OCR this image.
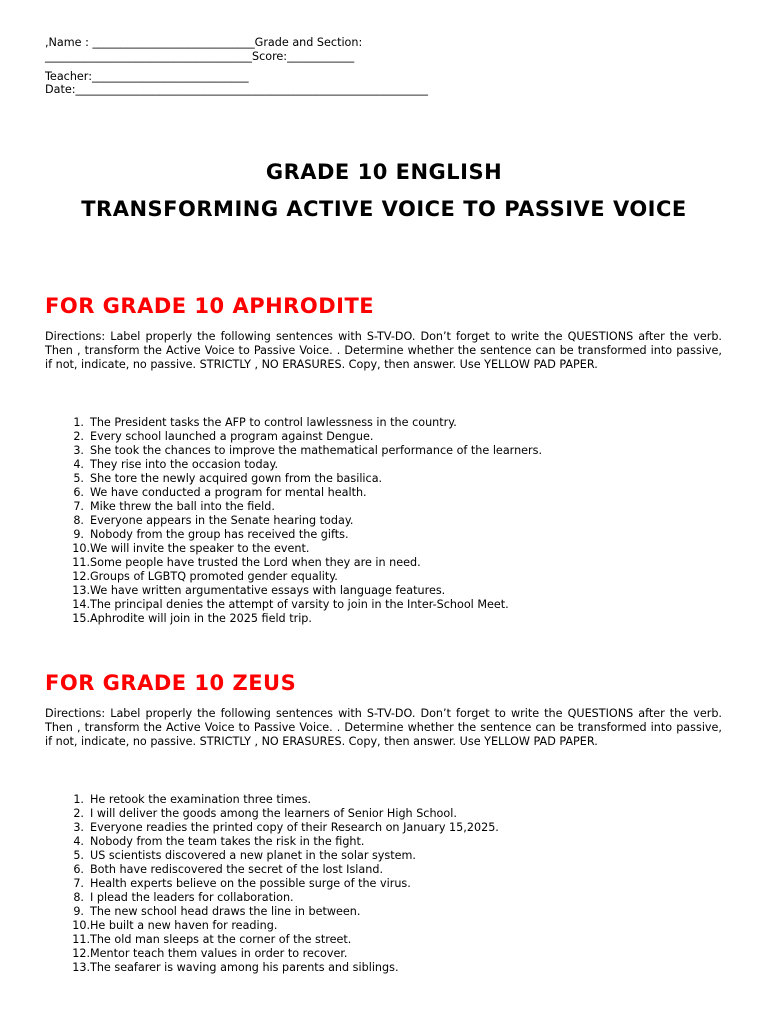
,Name : _____________________________Grade and Section:
_____________________________________Score:____________
Teacher:____________________________
Date:_______________________________________________________________
GRADE 10 ENGLISH
TRANSFORMING ACTIVE VOICE TO PASSIVE VOICE
FOR GRADE 10 APHRODITE
Directions: Label properly the following sentences with S-TV-DO. Don’t forget to write the QUESTIONS after the verb. Then , transform the Active Voice to Passive Voice. . Determine whether the sentence can be transformed into passive, if not, indicate, no passive. STRICTLY , NO ERASURES. Copy, then answer. Use YELLOW PAD PAPER.
1. The President tasks the AFP to control lawlessness in the country.
2. Every school launched a program against Dengue.
3. She took the chances to improve the mathematical performance of the learners.
4. They rise into the occasion today.
5. She tore the newly acquired gown from the basilica.
6. We have conducted a program for mental health.
7. Mike threw the ball into the field.
8. Everyone appears in the Senate hearing today.
9. Nobody from the group has received the gifts.
10. We will invite the speaker to the event.
11. Some people have trusted the Lord when they are in need.
12. Groups of LGBTQ promoted gender equality.
13. We have written argumentative essays with language features.
14. The principal denies the attempt of varsity to join in the Inter-School Meet.
15. Aphrodite will join in the 2025 field trip.
FOR GRADE 10 ZEUS
Directions: Label properly the following sentences with S-TV-DO. Don’t forget to write the QUESTIONS after the verb. Then , transform the Active Voice to Passive Voice. . Determine whether the sentence can be transformed into passive, if not, indicate, no passive. STRICTLY , NO ERASURES. Copy, then answer. Use YELLOW PAD PAPER.
1. He retook the examination three times.
2. I will deliver the goods among the learners of Senior High School.
3. Everyone readies the printed copy of their Research on January 15,2025.
4. Nobody from the team takes the risk in the fight.
5. US scientists discovered a new planet in the solar system.
6. Both have rediscovered the secret of the lost Island.
7. Health experts believe on the possible surge of the virus.
8. I plead the leaders for collaboration.
9. The new school head draws the line in between.
10. He built a new haven for reading.
11. The old man sleeps at the corner of the street.
12. Mentor teach them values in order to recover.
13. The seafarer is waving among his parents and siblings.
